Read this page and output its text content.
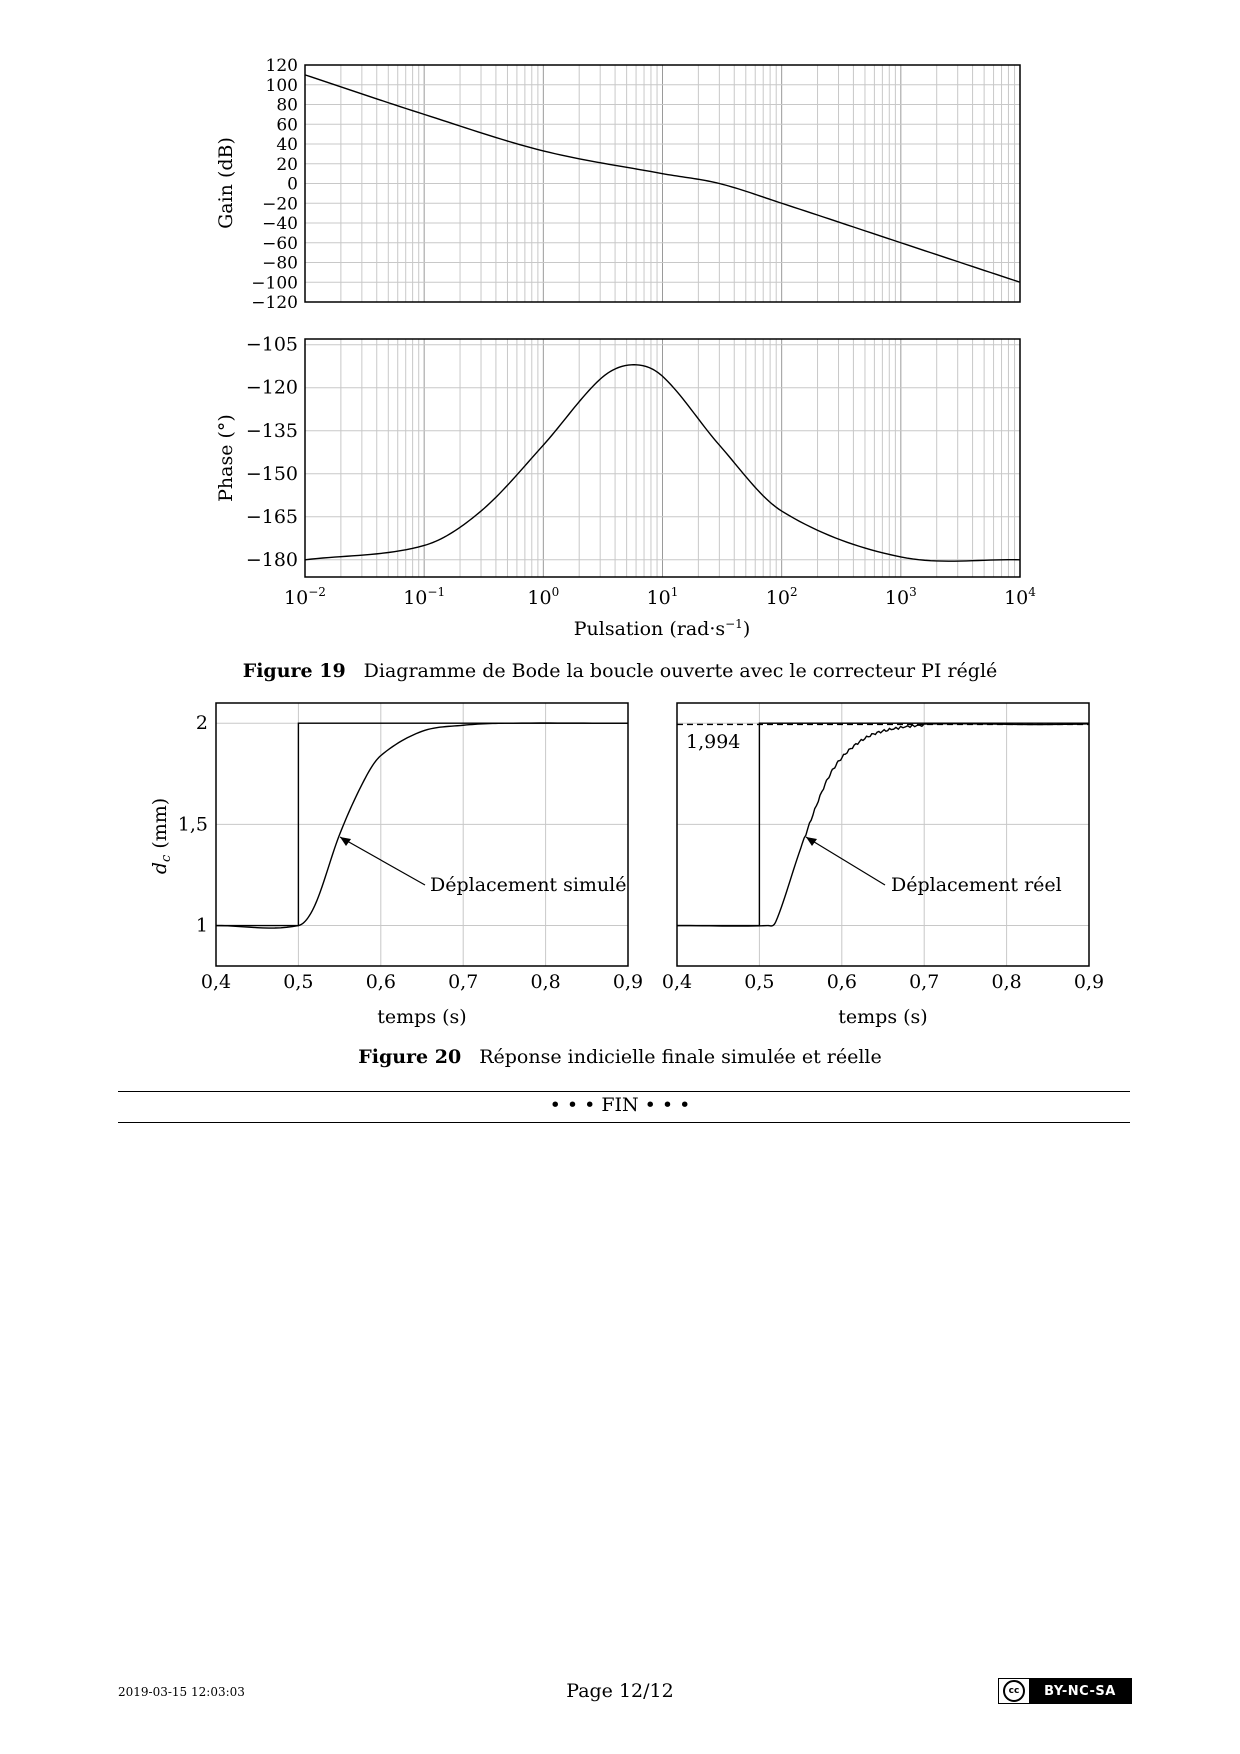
120
100
80
60
40
20
0
−20
−40
−60
−80
−100
−120
Gain (dB)
−105
−120
−135
−150
−165
−180
Phase (°)
$10^{-2}$	$10^{-1}$	$10^0$	$10^1$	$10^2$	$10^3$	$10^4$
Pulsation $(rad\cdot s^{-1})$
0,4	0,5	0,6	0,7	0,8	0,9
1
1,5
2
$d_c$ (mm)
temps (s)
Déplacement simulé
0,4	0,5	0,6	0,7	0,8	0,9
temps (s)
1,994
Déplacement réel
Figure 19 Diagramme de Bode la boucle ouverte avec le correcteur PI réglé
Figure 20 Réponse indicielle finale simulée et réelle
• • • FIN • • •
2019-03-15 12:03:03	Page 12/12	cc	BY-NC-SA
